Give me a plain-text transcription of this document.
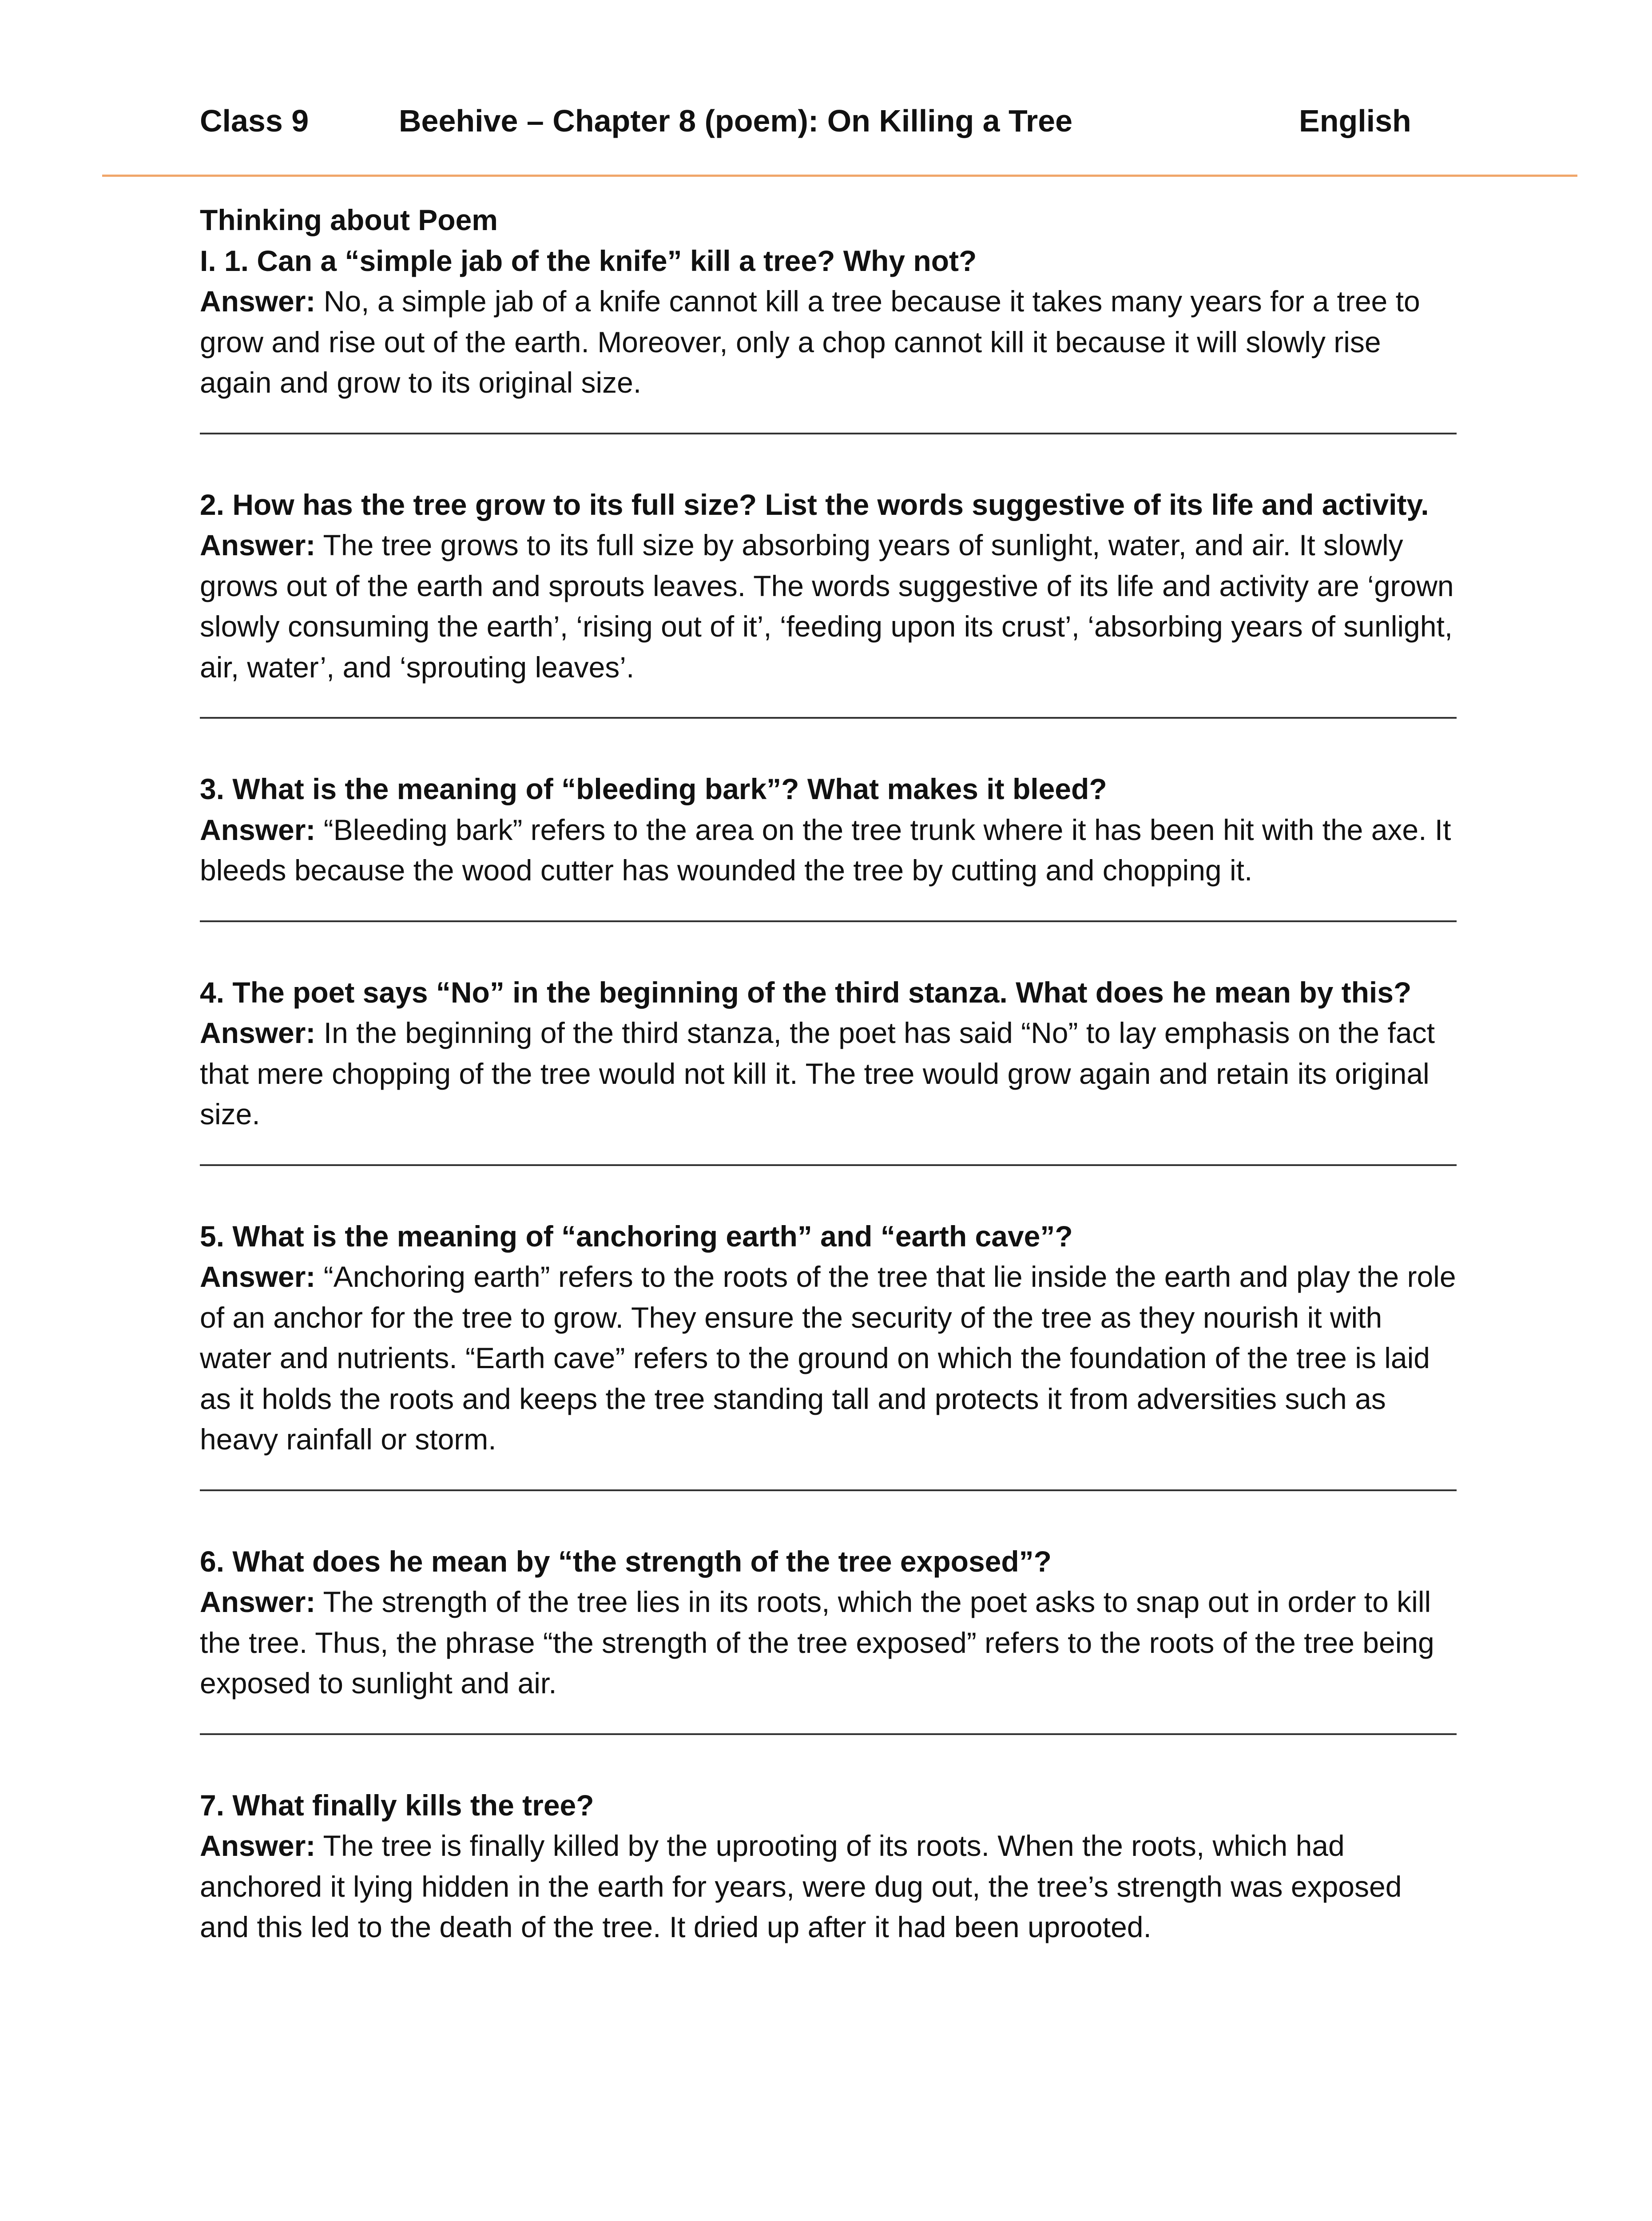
Class 9	Beehive – Chapter 8 (poem): On Killing a Tree	English

Thinking about Poem

I. 1. Can a “simple jab of the knife” kill a tree? Why not?

Answer: No, a simple jab of a knife cannot kill a tree because it takes many years for a tree to grow and rise out of the earth. Moreover, only a chop cannot kill it because it will slowly rise again and grow to its original size.

2. How has the tree grow to its full size? List the words suggestive of its life and activity.

Answer: The tree grows to its full size by absorbing years of sunlight, water, and air. It slowly grows out of the earth and sprouts leaves. The words suggestive of its life and activity are ‘grown slowly consuming the earth’, ‘rising out of it’, ‘feeding upon its crust’, ‘absorbing years of sunlight, air, water’, and ‘sprouting leaves’.

3. What is the meaning of “bleeding bark”? What makes it bleed?

Answer: “Bleeding bark” refers to the area on the tree trunk where it has been hit with the axe. It bleeds because the wood cutter has wounded the tree by cutting and chopping it.

4. The poet says “No” in the beginning of the third stanza. What does he mean by this?

Answer: In the beginning of the third stanza, the poet has said “No” to lay emphasis on the fact that mere chopping of the tree would not kill it. The tree would grow again and retain its original size.

5. What is the meaning of “anchoring earth” and “earth cave”?

Answer: “Anchoring earth” refers to the roots of the tree that lie inside the earth and play the role of an anchor for the tree to grow. They ensure the security of the tree as they nourish it with water and nutrients. “Earth cave” refers to the ground on which the foundation of the tree is laid as it holds the roots and keeps the tree standing tall and protects it from adversities such as heavy rainfall or storm.

6. What does he mean by “the strength of the tree exposed”?

Answer: The strength of the tree lies in its roots, which the poet asks to snap out in order to kill the tree. Thus, the phrase “the strength of the tree exposed” refers to the roots of the tree being exposed to sunlight and air.

7. What finally kills the tree?

Answer: The tree is finally killed by the uprooting of its roots. When the roots, which had anchored it lying hidden in the earth for years, were dug out, the tree’s strength was exposed and this led to the death of the tree. It dried up after it had been uprooted.
